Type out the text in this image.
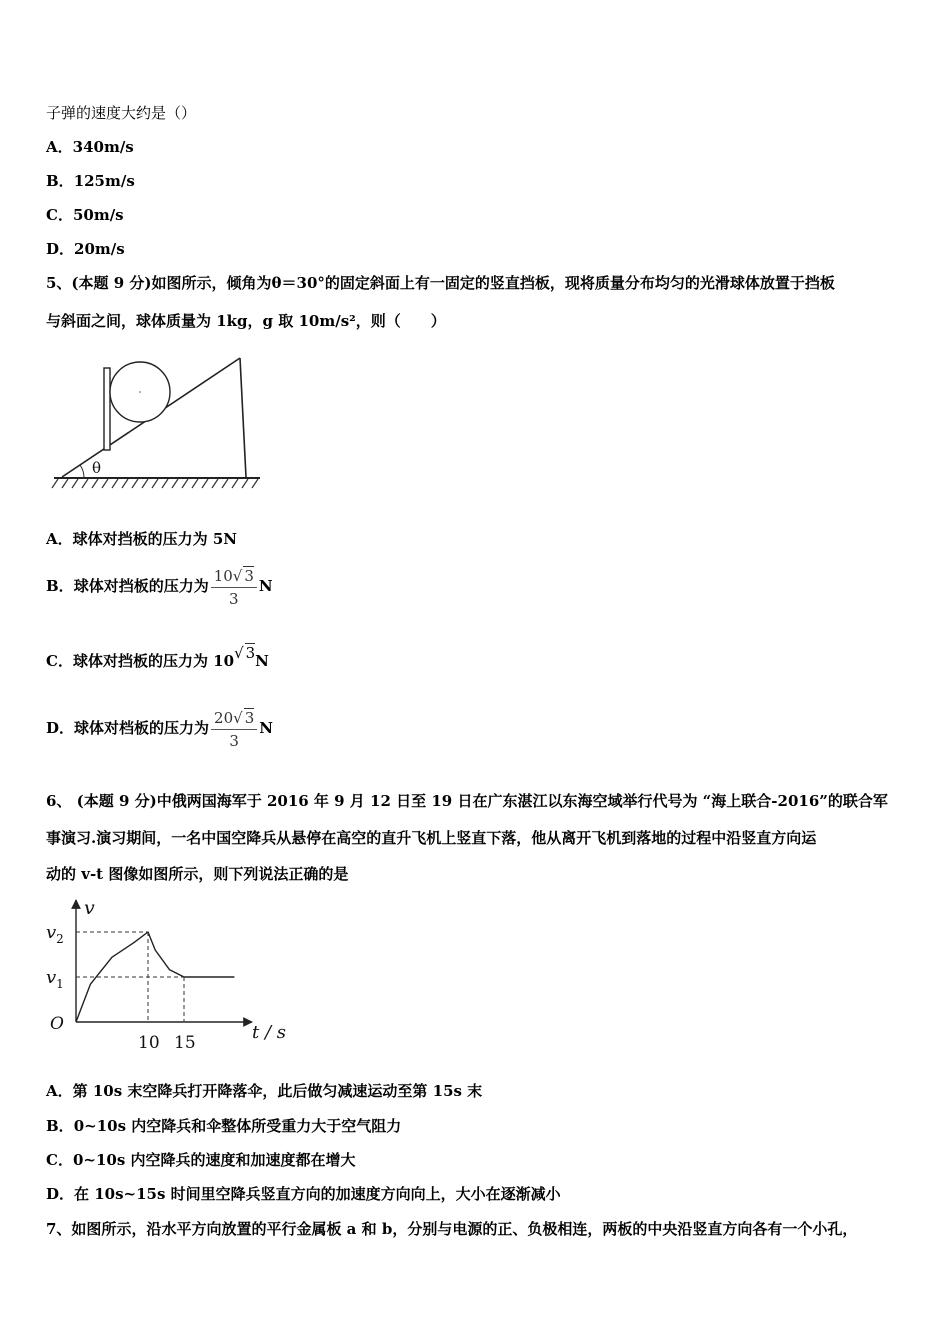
子弹的速度大约是（）
A．340m/s
B．125m/s
C．50m/s
D．20m/s
5、(本题 9 分)如图所示，倾角为θ＝30°的固定斜面上有一固定的竖直挡板，现将质量分布均匀的光滑球体放置于挡板
与斜面之间，球体质量为 1kg，g 取 10m/s²，则（　　）
θ
A．球体对挡板的压力为 5N
B．球体对挡板的压力为 $\frac{10√ 3}{3}$ N
C．球体对挡板的压力为 10√ 3N
D．球体对档板的压力为 $\frac{20√ 3}{3}$ N
6、 (本题 9 分)中俄两国海军于 2016 年 9 月 12 日至 19 日在广东湛江以东海空域举行代号为 “海上联合-2016”的联合军
事演习.演习期间，一名中国空降兵从悬停在高空的直升飞机上竖直下落，他从离开飞机到落地的过程中沿竖直方向运
动的 v-t 图像如图所示，则下列说法正确的是
v
t / s
O
10 15
$v_2$
$v_1$
A．第 10s 末空降兵打开降落伞，此后做匀减速运动至第 15s 末
B．0~10s 内空降兵和伞整体所受重力大于空气阻力
C．0~10s 内空降兵的速度和加速度都在增大
D．在 10s~15s 时间里空降兵竖直方向的加速度方向向上，大小在逐渐减小
7、如图所示，沿水平方向放置的平行金属板 a 和 b，分别与电源的正、负极相连，两板的中央沿竖直方向各有一个小孔，
